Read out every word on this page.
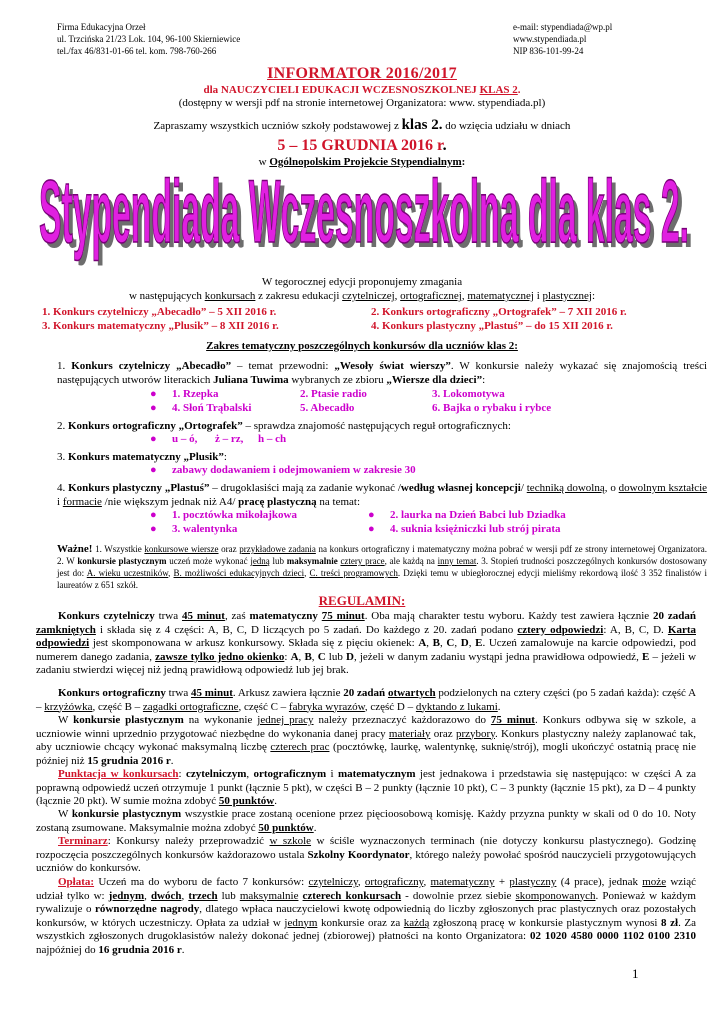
Firma Edukacyjna Orzeł
ul. Trzcińska 21/23 Lok. 104, 96-100 Skierniewice
tel./fax 46/831-01-66 tel. kom. 798-760-266
e-mail: stypendiada@wp.pl
www.stypendiada.pl
NIP 836-101-99-24
INFORMATOR 2016/2017
dla NAUCZYCIELI EDUKACJI WCZESNOSZKOLNEJ KLAS 2.
(dostępny w wersji pdf na stronie internetowej Organizatora: www. stypendiada.pl)
Zapraszamy wszystkich uczniów szkoły podstawowej z klas 2. do wzięcia udziału w dniach
5 – 15 GRUDNIA 2016 r.
w Ogólnopolskim Projekcie Stypendialnym:
Stypendiada Wczesnoszkolna dla klas 2.
Stypendiada Wczesnoszkolna dla klas 2.
W tegorocznej edycji proponujemy zmagania
w następujących konkursach z zakresu edukacji czytelniczej, ortograficznej, matematycznej i plastycznej:
1. Konkurs czytelniczy „Abecadło” – 5 XII 2016 r.	2. Konkurs ortograficzny „Ortografek” – 7 XII 2016 r.
3. Konkurs matematyczny „Plusik” – 8 XII 2016 r.	4. Konkurs plastyczny „Plastuś” – do 15 XII 2016 r.
Zakres tematyczny poszczególnych konkursów dla uczniów klas 2:
1. Konkurs czytelniczy „Abecadło” – temat przewodni: „Wesoły świat wierszy”. W konkursie należy wykazać się znajomością treści następujących utworów literackich Juliana Tuwima wybranych ze zbioru „Wiersze dla dzieci”:
● 1. Rzepka	2. Ptasie radio	3. Lokomotywa
● 4. Słoń Trąbalski	5. Abecadło	6. Bajka o rybaku i rybce
2. Konkurs ortograficzny „Ortografek” – sprawdza znajomość następujących reguł ortograficznych:
● u – ó, ż – rz, h – ch
3. Konkurs matematyczny „Plusik”:
● zabawy dodawaniem i odejmowaniem w zakresie 30
4. Konkurs plastyczny „Plastuś” – drugoklasiści mają za zadanie wykonać /według własnej koncepcji/ techniką dowolną, o dowolnym kształcie i formacie /nie większym jednak niż A4/ pracę plastyczną na temat:
● 1. pocztówka mikołajkowa	● 2. laurka na Dzień Babci lub Dziadka
● 3. walentynka	● 4. suknia księżniczki lub strój pirata
Ważne! 1. Wszystkie konkursowe wiersze oraz przykładowe zadania na konkurs ortograficzny i matematyczny można pobrać w wersji pdf ze strony internetowej Organizatora. 2. W konkursie plastycznym uczeń może wykonać jedną lub maksymalnie cztery prace, ale każdą na inny temat. 3. Stopień trudności poszczególnych konkursów dostosowany jest do: A. wieku uczestników, B. możliwości edukacyjnych dzieci, C. treści programowych. Dzięki temu w ubiegłorocznej edycji mieliśmy rekordową ilość 3 352 finalistów i laureatów z 651 szkół.
REGULAMIN:
Konkurs czytelniczy trwa 45 minut, zaś matematyczny 75 minut. Oba mają charakter testu wyboru. Każdy test zawiera łącznie 20 zadań zamkniętych i składa się z 4 części: A, B, C, D liczących po 5 zadań. Do każdego z 20. zadań podano cztery odpowiedzi: A, B, C, D. Karta odpowiedzi jest skomponowana w arkusz konkursowy. Składa się z pięciu okienek: A, B, C, D, E. Uczeń zamalowuje na karcie odpowiedzi, pod numerem danego zadania, zawsze tylko jedno okienko: A, B, C lub D, jeżeli w danym zadaniu wystąpi jedna prawidłowa odpowiedź, E – jeżeli w zadaniu stwierdzi więcej niż jedną prawidłową odpowiedź lub jej brak.
Konkurs ortograficzny trwa 45 minut. Arkusz zawiera łącznie 20 zadań otwartych podzielonych na cztery części (po 5 zadań każda): część A – krzyżówka, część B – zagadki ortograficzne, część C – fabryka wyrazów, część D – dyktando z lukami.
W konkursie plastycznym na wykonanie jednej pracy należy przeznaczyć każdorazowo do 75 minut. Konkurs odbywa się w szkole, a uczniowie winni uprzednio przygotować niezbędne do wykonania danej pracy materiały oraz przybory. Konkurs plastyczny należy zaplanować tak, aby uczniowie chcący wykonać maksymalną liczbę czterech prac (pocztówkę, laurkę, walentynkę, suknię/strój), mogli ukończyć ostatnią pracę nie później niż 15 grudnia 2016 r.
Punktacja w konkursach: czytelniczym, ortograficznym i matematycznym jest jednakowa i przedstawia się następująco: w części A za poprawną odpowiedź uczeń otrzymuje 1 punkt (łącznie 5 pkt), w części B – 2 punkty (łącznie 10 pkt), C – 3 punkty (łącznie 15 pkt), za D – 4 punkty (łącznie 20 pkt). W sumie można zdobyć 50 punktów.
W konkursie plastycznym wszystkie prace zostaną ocenione przez pięcioosobową komisję. Każdy przyzna punkty w skali od 0 do 10. Noty zostaną zsumowane. Maksymalnie można zdobyć 50 punktów.
Terminarz: Konkursy należy przeprowadzić w szkole w ściśle wyznaczonych terminach (nie dotyczy konkursu plastycznego). Godzinę rozpoczęcia poszczególnych konkursów każdorazowo ustala Szkolny Koordynator, którego należy powołać spośród nauczycieli przygotowujących uczniów do konkursów.
Opłata: Uczeń ma do wyboru de facto 7 konkursów: czytelniczy, ortograficzny, matematyczny + plastyczny (4 prace), jednak może wziąć udział tylko w: jednym, dwóch, trzech lub maksymalnie czterech konkursach - dowolnie przez siebie skomponowanych. Ponieważ w każdym rywalizuje o równorzędne nagrody, dlatego wpłaca nauczycielowi kwotę odpowiednią do liczby zgłoszonych prac plastycznych oraz pozostałych konkursów, w których uczestniczy. Opłata za udział w jednym konkursie oraz za każdą zgłoszoną pracę w konkursie plastycznym wynosi 8 zł. Za wszystkich zgłoszonych drugoklasistów należy dokonać jednej (zbiorowej) płatności na konto Organizatora: 02 1020 4580 0000 1102 0100 2310 najpóźniej do 16 grudnia 2016 r.
1
